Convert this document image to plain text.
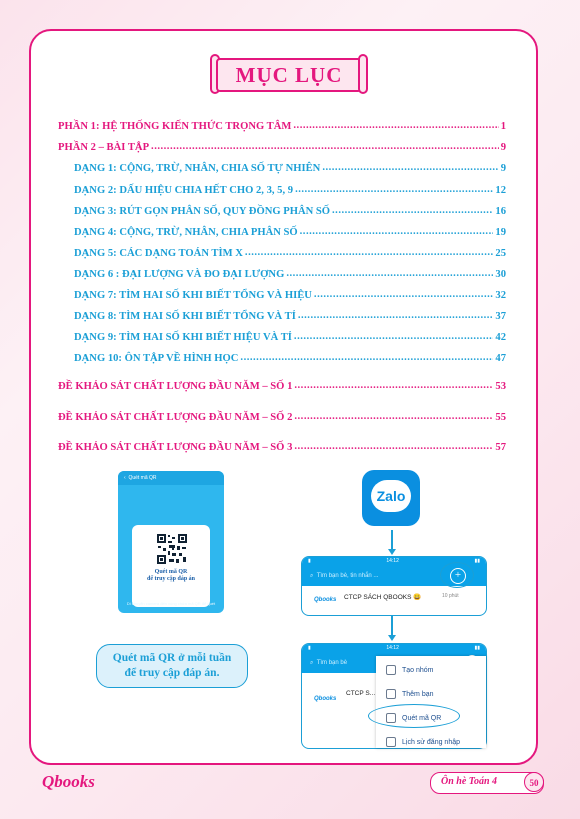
MỤC LỤC
PHẦN 1: HỆ THỐNG KIẾN THỨC TRỌNG TÂM .....	1
PHẦN 2 – BÀI TẬP .....	9
DẠNG 1: CỘNG, TRỪ, NHÂN, CHIA SỐ TỰ NHIÊN .....	9
DẠNG 2: DẤU HIỆU CHIA HẾT CHO 2, 3, 5, 9 .....	12
DẠNG 3: RÚT GỌN PHÂN SỐ, QUY ĐỒNG PHÂN SỐ .....	16
DẠNG 4: CỘNG, TRỪ, NHÂN, CHIA PHÂN SỐ .....	19
DẠNG 5: CÁC DẠNG TOÁN TÌM X .....	25
DẠNG 6 : ĐẠI LƯỢNG VÀ ĐO ĐẠI LƯỢNG .....	30
DẠNG 7: TÌM HAI SỐ KHI BIẾT TỔNG VÀ HIỆU .....	32
DẠNG 8: TÌM HAI SỐ KHI BIẾT TỔNG VÀ TỈ .....	37
DẠNG 9: TÌM HAI SỐ KHI BIẾT HIỆU VÀ TỈ .....	42
DẠNG 10: ÔN TẬP VỀ HÌNH HỌC .....	47
ĐỀ KHẢO SÁT CHẤT LƯỢNG ĐẦU NĂM – SỐ 1 .....	53
ĐỀ KHẢO SÁT CHẤT LƯỢNG ĐẦU NĂM – SỐ 2 .....	55
ĐỀ KHẢO SÁT CHẤT LƯỢNG ĐẦU NĂM – SỐ 3 .....	57
‹  Quét mã QR
Quét mã QR
để truy cập đáp án
Di chuyển camera đến vùng chứa mã QR để quét
Quét mã QR ở mỗi tuần
để truy cập đáp án.
Zalo
▮	14:12	▮▮
⌕ Tìm bạn bè, tin nhắn ...
Qbooks CTCP SÁCH QBOOKS 😀	10 phút
+
▮	14:12	▮▮
⌕ Tìm bạn bè
Qbooks
CTCP S...
Tạo nhóm
Thêm bạn
Quét mã QR
Lịch sử đăng nhập
Qbooks	Ôn hè Toán 4	50
